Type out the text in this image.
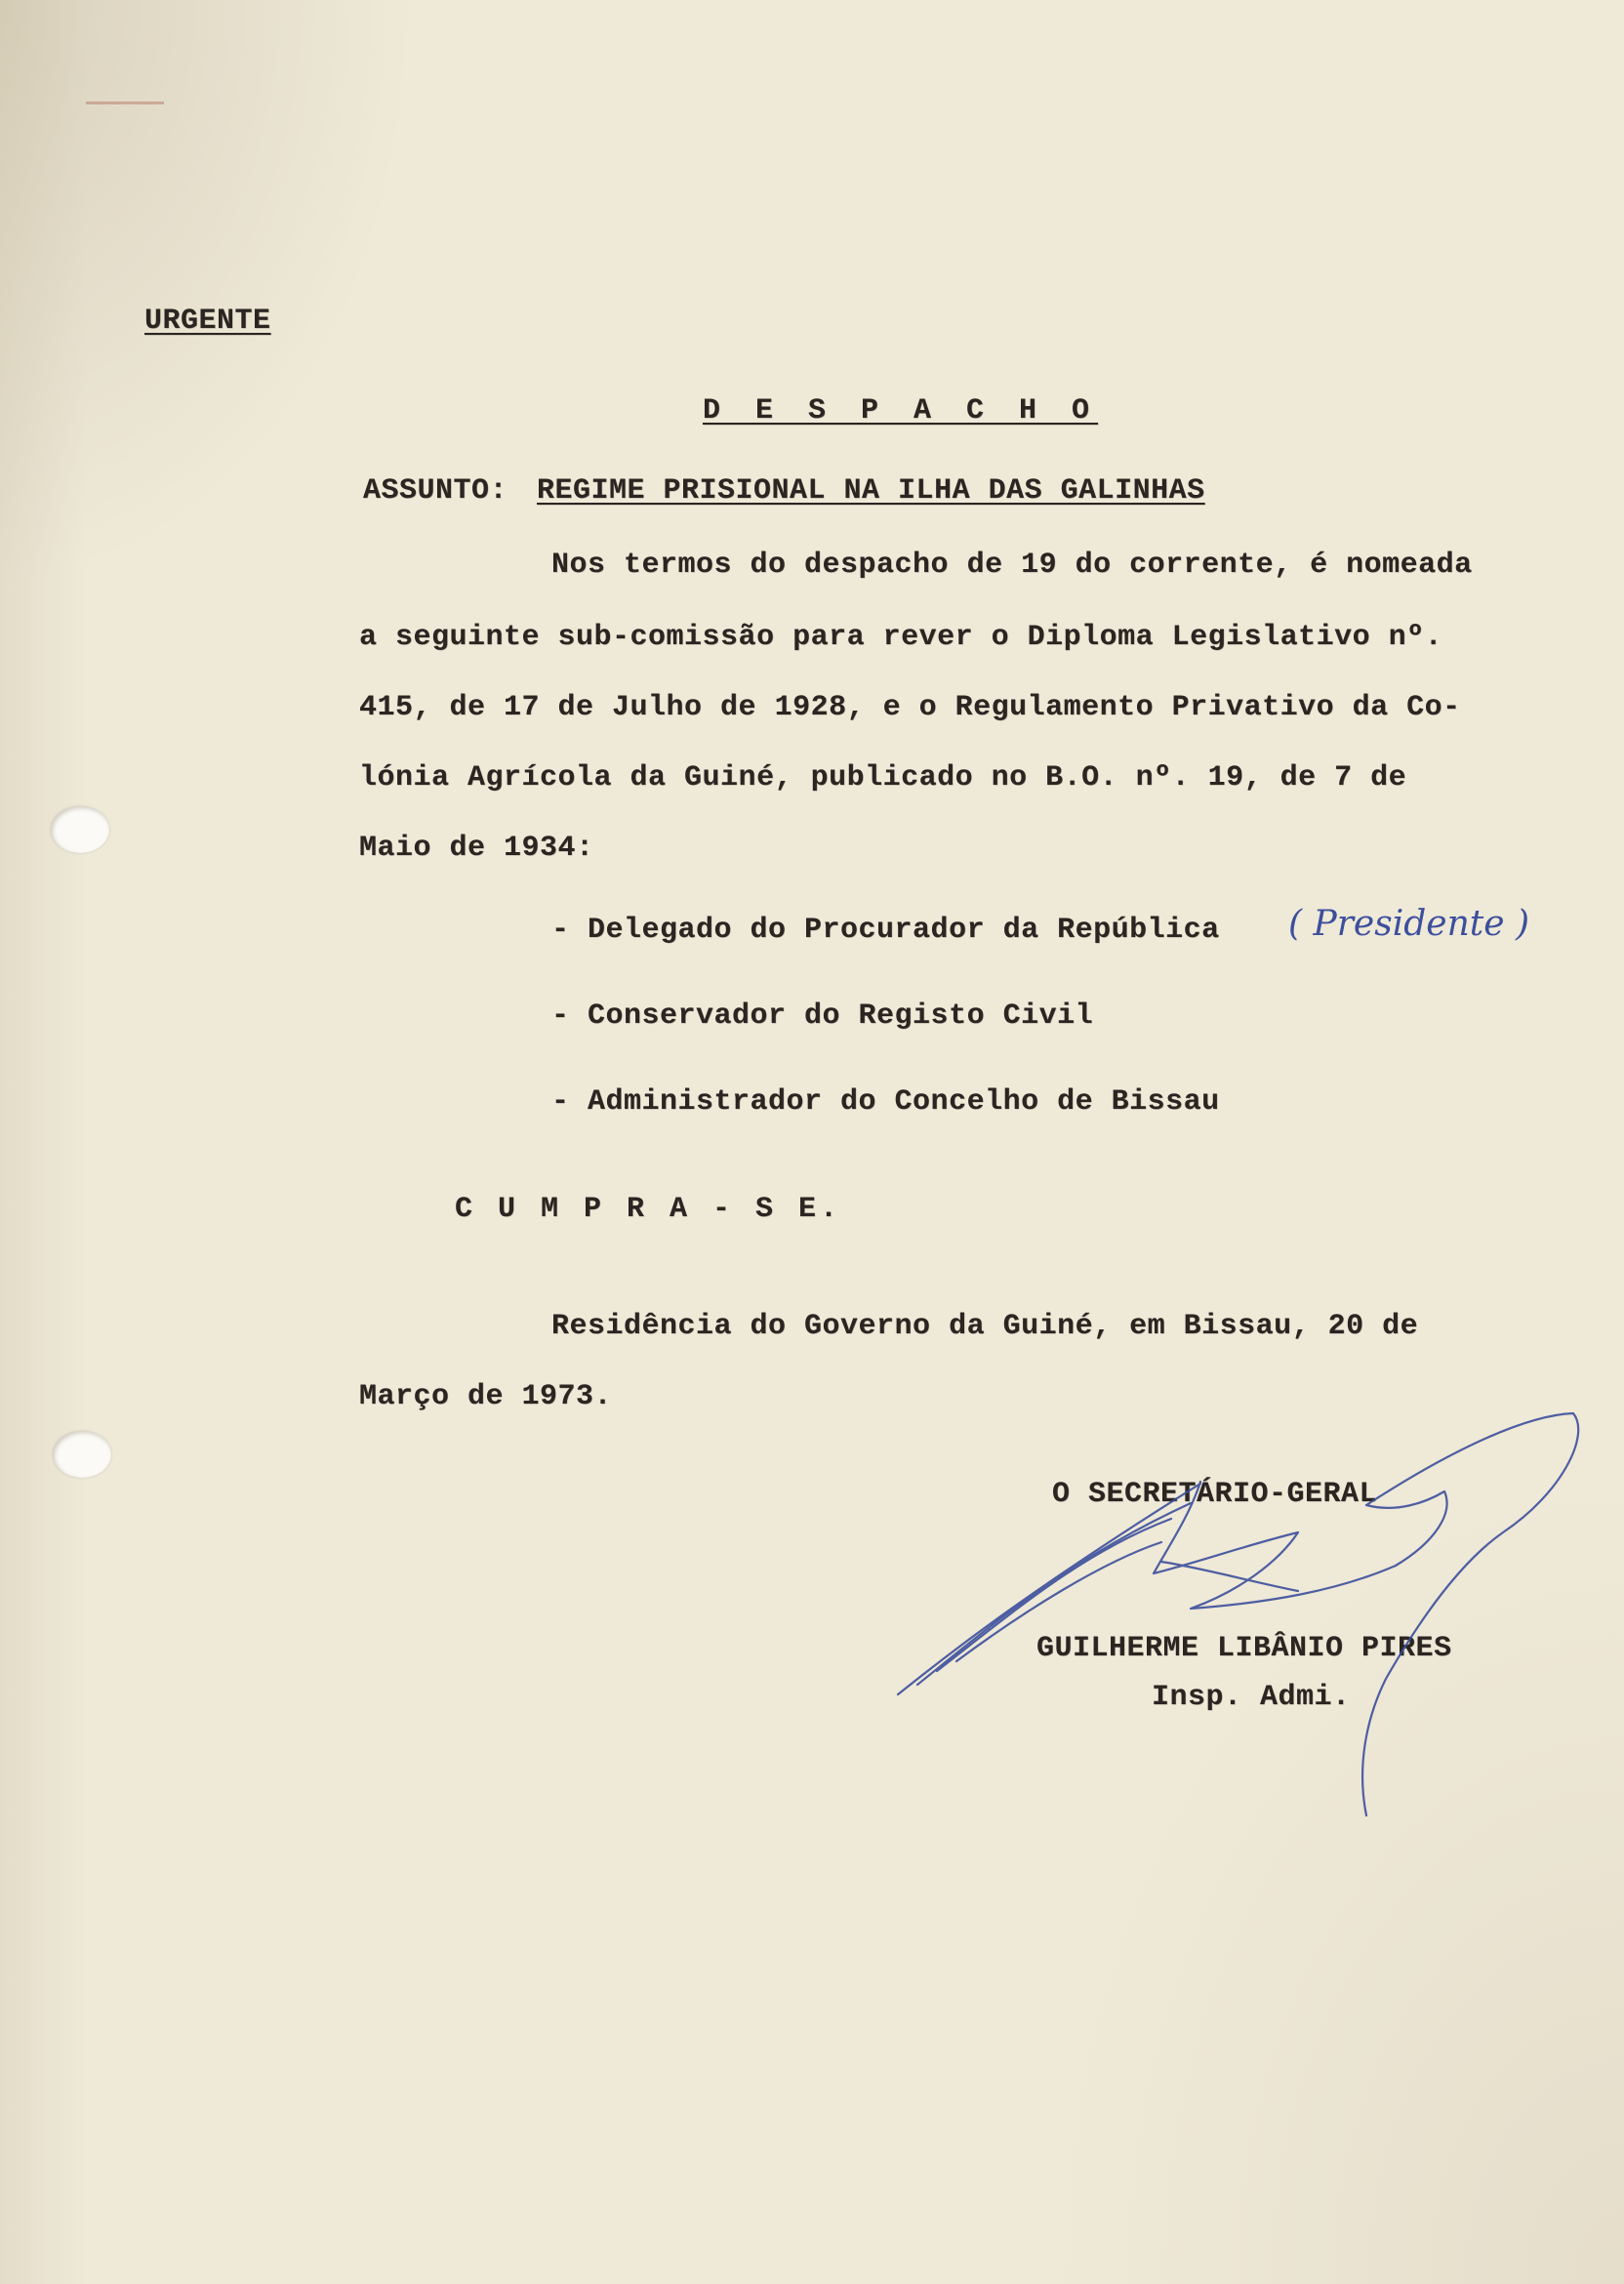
URGENTE
D E S P A C H O
ASSUNTO: REGIME PRISIONAL NA ILHA DAS GALINHAS
Nos termos do despacho de 19 do corrente, é nomeada
a seguinte sub-comissão para rever o Diploma Legislativo nº.
415, de 17 de Julho de 1928, e o Regulamento Privativo da Co-
lónia Agrícola da Guiné, publicado no B.O. nº. 19, de 7 de
Maio de 1934:
- Delegado do Procurador da República ( Presidente )
- Conservador do Registo Civil
- Administrador do Concelho de Bissau
C U M P R A - S E.
Residência do Governo da Guiné, em Bissau, 20 de
Março de 1973.
O SECRETÁRIO-GERAL
GUILHERME LIBÂNIO PIRES
Insp. Admi.
